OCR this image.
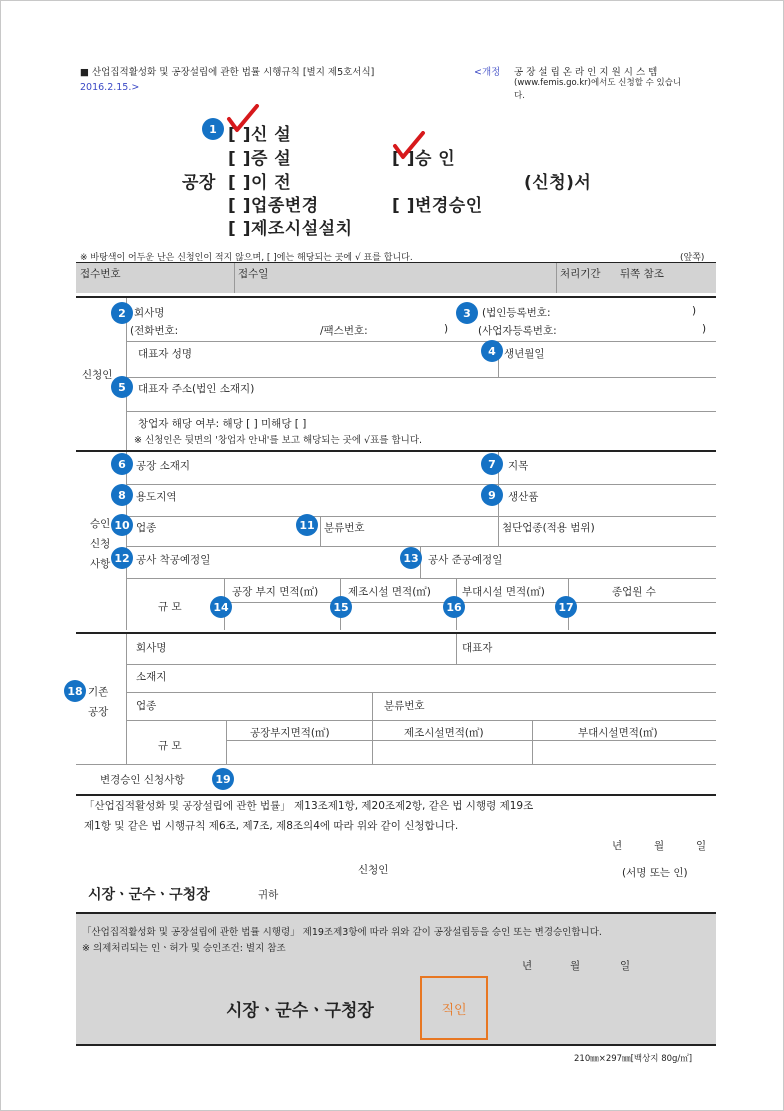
■ 산업집적활성화 및 공장설립에 관한 법률 시행규칙 [별지 제5호서식]	<개정
2016.2.15.>
공 장 설 립 온 라 인 지 원 시 스 템
(www.femis.go.kr)에서도 신청할 수 있습니
다.
[ ]신 설
[ ]증 설	[ ]승 인
공장 [ ]이 전	(신청)서
[ ]업종변경	[ ]변경승인
[ ]제조시설설치
※ 바탕색이 어두운 난은 신청인이 적지 않으며, [ ]에는 해당되는 곳에 √ 표를 합니다.	(앞쪽)
접수번호	접수일	처리기간 뒤쪽 참조
신청인
회사명	(법인등록번호:	)
(전화번호:	/팩스번호:	)	(사업자등록번호:	)
대표자 성명	생년월일
대표자 주소(법인 소재지)
창업자 해당 여부: 해당 [ ] 미해당 [ ]
※ 신청인은 뒷면의 '창업자 안내'를 보고 해당되는 곳에 √표를 합니다.
승인
신청
사항
공장 소재지	지목
용도지역	생산품
업종	분류번호	첨단업종(적용 범위)
공사 착공예정일	공사 준공예정일
규 모
공장 부지 면적(㎡)	제조시설 면적(㎡)	부대시설 면적(㎡)	종업원 수
기존
공장
회사명	대표자
소재지
업종	분류번호
규 모
공장부지면적(㎡)	제조시설면적(㎡)	부대시설면적(㎡)
변경승인 신청사항
「산업집적활성화 및 공장설립에 관한 법률」 제13조제1항, 제20조제2항, 같은 법 시행령 제19조
제1항 및 같은 법 시행규칙 제6조, 제7조, 제8조의4에 따라 위와 같이 신청합니다.
년	월	일
신청인	(서명 또는 인)
시장ㆍ군수ㆍ구청장	귀하
「산업집적활성화 및 공장설립에 관한 법률 시행령」 제19조제3항에 따라 위와 같이 공장설립등을 승인 또는 변경승인합니다.
※ 의제처리되는 인ㆍ허가 및 승인조건: 별지 참조
년	월	일
시장ㆍ군수ㆍ구청장	직인
210㎜×297㎜[백상지 80g/㎡]
1
2	3
4
5
6	7
8	9
10	11
12	13
14	15	16	17
18
19
